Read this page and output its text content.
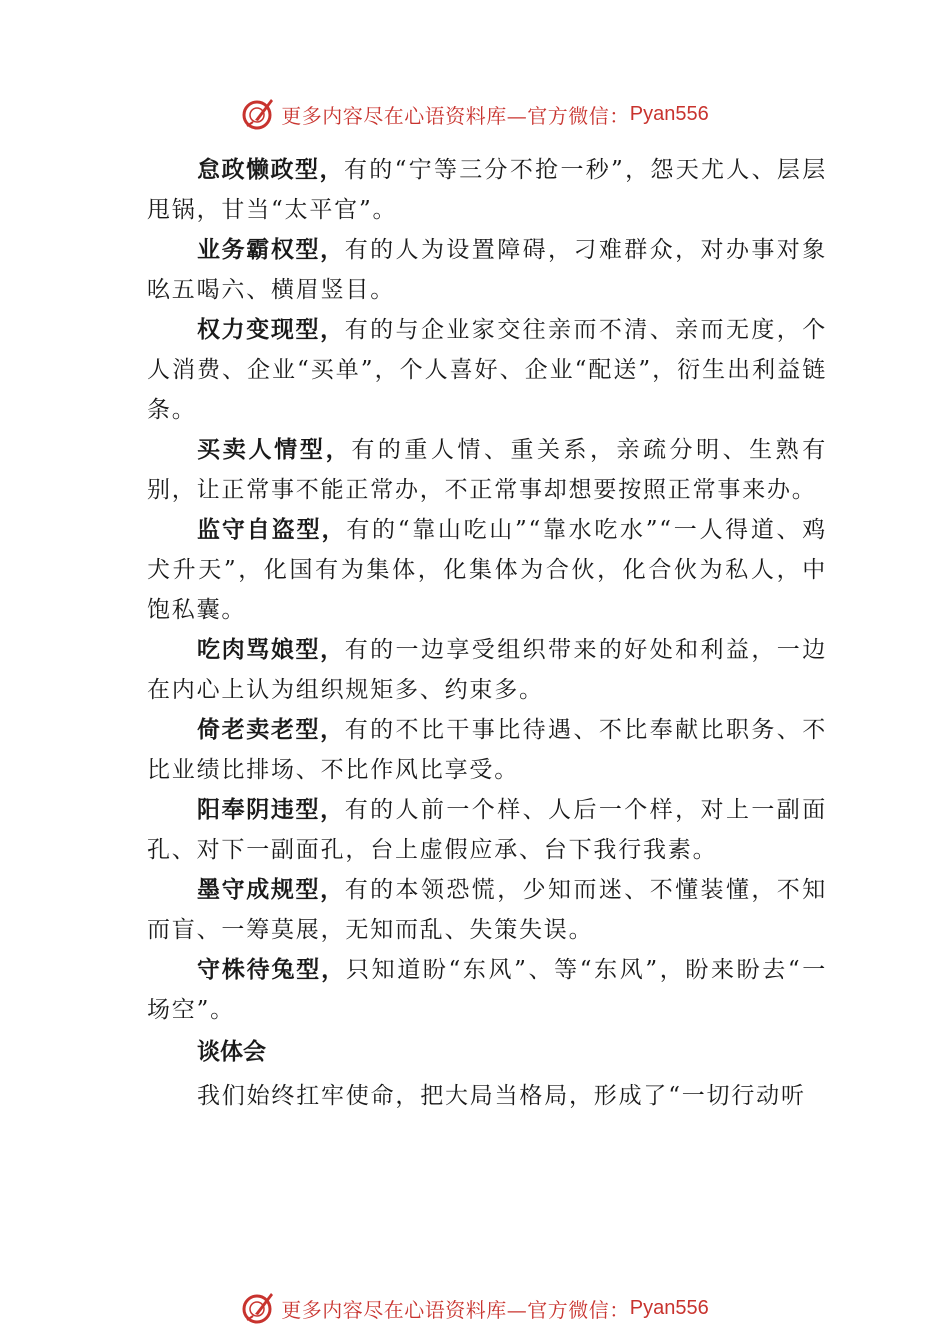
更多内容尽在心语资料库—官方微信： Pyan556

怠政懒政型，有的“宁等三分不抢一秒”，怨天尤人、层层甩锅，甘当“太平官”。

业务霸权型，有的人为设置障碍，刁难群众，对办事对象吆五喝六、横眉竖目。

权力变现型，有的与企业家交往亲而不清、亲而无度，个人消费、企业“买单”，个人喜好、企业“配送”，衍生出利益链条。

买卖人情型，有的重人情、重关系，亲疏分明、生熟有别，让正常事不能正常办，不正常事却想要按照正常事来办。

监守自盗型，有的“靠山吃山”“靠水吃水”“一人得道、鸡犬升天”，化国有为集体，化集体为合伙，化合伙为私人，中 饱私囊。

吃肉骂娘型，有的一边享受组织带来的好处和利益，一边在内心上认为组织规矩多、约束多。

倚老卖老型，有的不比干事比待遇、不比奉献比职务、不比业绩比排场、不比作风比享受。

阳奉阴违型，有的人前一个样、人后一个样，对上一副面孔、对下一副面孔，台上虚假应承、台下我行我素。

墨守成规型，有的本领恐慌，少知而迷、不懂装懂，不知而盲、一筹莫展，无知而乱、失策失误。

守株待兔型，只知道盼“东风”、等“东风”，盼来盼去“一场空”。

谈体会

我们始终扛牢使命，把大局当格局，形成了“一切行动听

更多内容尽在心语资料库—官方微信： Pyan556
